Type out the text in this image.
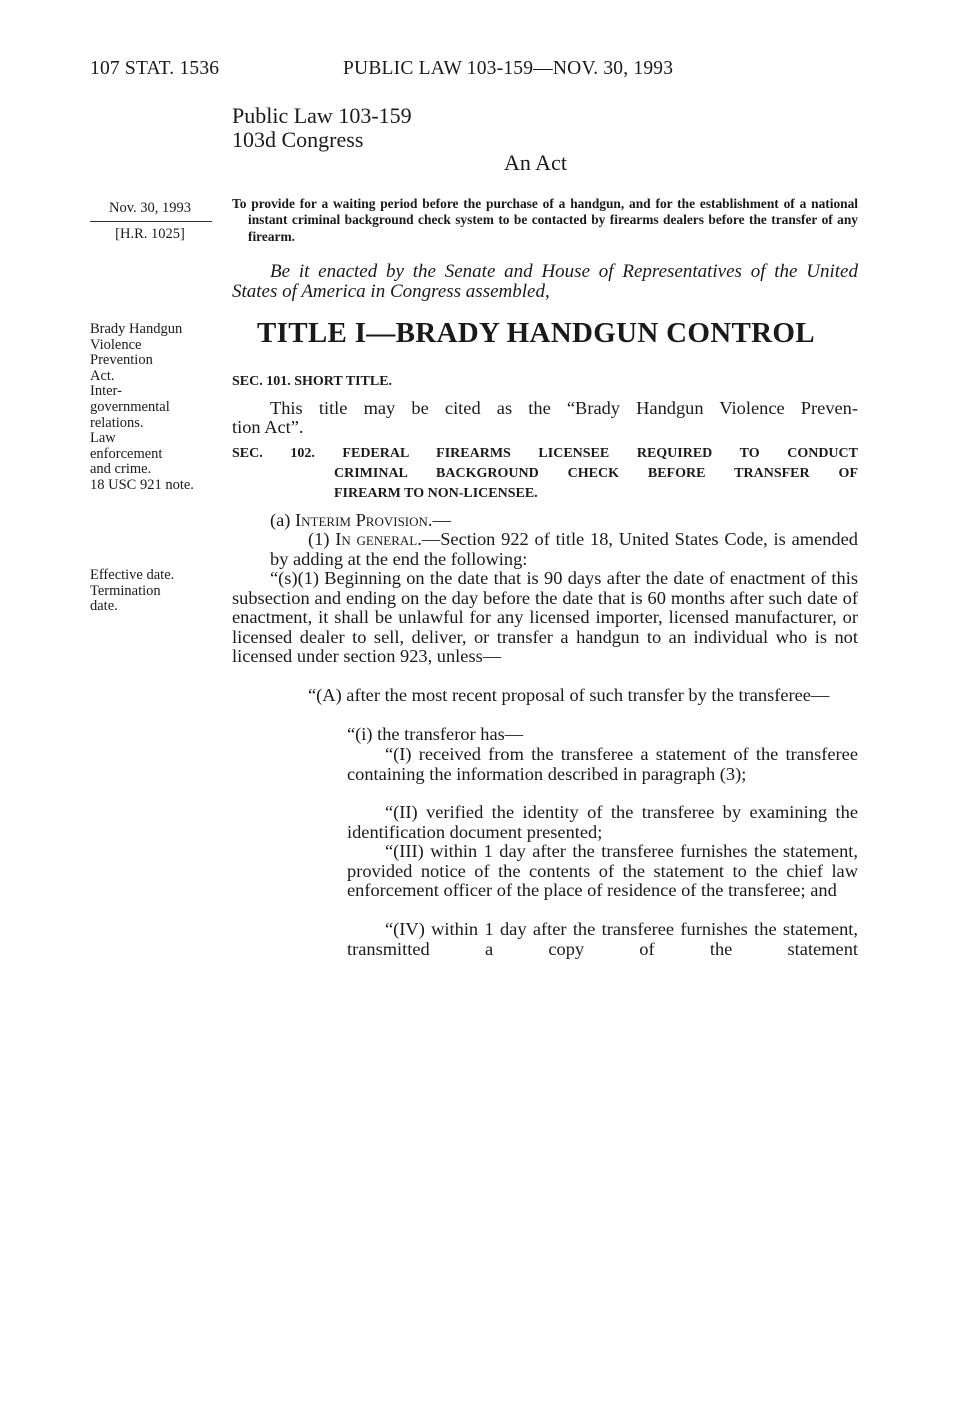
107 STAT. 1536	PUBLIC LAW 103-159—NOV. 30, 1993
Public Law 103-159
103d Congress
An Act
Nov. 30, 1993
[H.R. 1025]
Brady Handgun
Violence
Prevention
Act.
Inter-
governmental
relations.
Law
enforcement
and crime.
18 USC 921 note.
Effective date.
Termination
date.
To provide for a waiting period before the purchase of a handgun, and for the establishment of a national instant criminal background check system to be contacted by firearms dealers before the transfer of any firearm.
Be it enacted by the Senate and House of Representatives of the United States of America in Congress assembled,
TITLE I—BRADY HANDGUN CONTROL
SEC. 101. SHORT TITLE.
This title may be cited as the “Brady Handgun Violence Preven-
tion Act”.
SEC. 102. FEDERAL FIREARMS LICENSEE REQUIRED TO CONDUCT
CRIMINAL BACKGROUND CHECK BEFORE TRANSFER OF
FIREARM TO NON-LICENSEE.
(a) Interim Provision.—
(1) In general.—Section 922 of title 18, United States Code, is amended by adding at the end the following:
“(s)(1) Beginning on the date that is 90 days after the date of enactment of this subsection and ending on the day before the date that is 60 months after such date of enactment, it shall be unlawful for any licensed importer, licensed manufacturer, or licensed dealer to sell, deliver, or transfer a handgun to an individual who is not licensed under section 923, unless—
“(A) after the most recent proposal of such transfer by the transferee—
“(i) the transferor has—
“(I) received from the transferee a statement of the transferee containing the information described in paragraph (3);
“(II) verified the identity of the transferee by examining the identification document presented;
“(III) within 1 day after the transferee furnishes the statement, provided notice of the contents of the statement to the chief law enforcement officer of the place of residence of the transferee; and
“(IV) within 1 day after the transferee furnishes the statement, transmitted a copy of the statement
